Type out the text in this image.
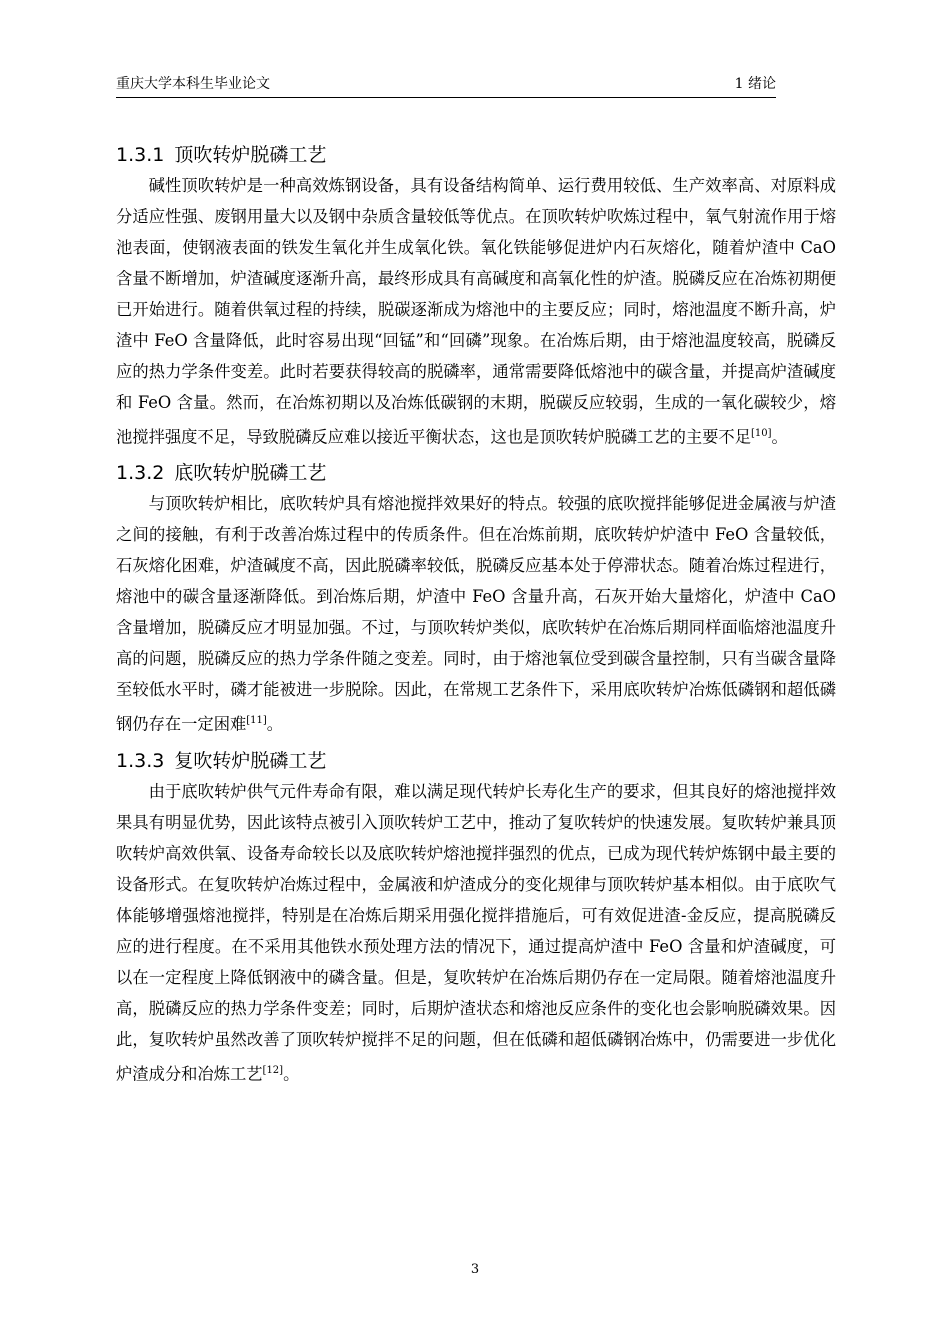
重庆大学本科生毕业论文	1 绪论
1.3.1 顶吹转炉脱磷工艺

碱性顶吹转炉是一种高效炼钢设备，具有设备结构简单、运行费用较低、生产效率高、对原料成分适应性强、废钢用量大以及钢中杂质含量较低等优点。在顶吹转炉吹炼过程中，氧气射流作用于熔池表面，使钢液表面的铁发生氧化并生成氧化铁。氧化铁能够促进炉内石灰熔化，随着炉渣中 CaO 含量不断增加，炉渣碱度逐渐升高，最终形成具有高碱度和高氧化性的炉渣。脱磷反应在冶炼初期便已开始进行。随着供氧过程的持续，脱碳逐渐成为熔池中的主要反应；同时，熔池温度不断升高，炉渣中 FeO 含量降低，此时容易出现“回锰”和“回磷”现象。在冶炼后期，由于熔池温度较高，脱磷反应的热力学条件变差。此时若要获得较高的脱磷率，通常需要降低熔池中的碳含量，并提高炉渣碱度和 FeO 含量。然而，在冶炼初期以及冶炼低碳钢的末期，脱碳反应较弱，生成的一氧化碳较少，熔池搅拌强度不足，导致脱磷反应难以接近平衡状态，这也是顶吹转炉脱磷工艺的主要不足[10]。

1.3.2 底吹转炉脱磷工艺

与顶吹转炉相比，底吹转炉具有熔池搅拌效果好的特点。较强的底吹搅拌能够促进金属液与炉渣之间的接触，有利于改善冶炼过程中的传质条件。但在冶炼前期，底吹转炉炉渣中 FeO 含量较低，石灰熔化困难，炉渣碱度不高，因此脱磷率较低，脱磷反应基本处于停滞状态。随着冶炼过程进行，熔池中的碳含量逐渐降低。到冶炼后期，炉渣中 FeO 含量升高，石灰开始大量熔化，炉渣中 CaO 含量增加，脱磷反应才明显加强。不过，与顶吹转炉类似，底吹转炉在冶炼后期同样面临熔池温度升高的问题，脱磷反应的热力学条件随之变差。同时，由于熔池氧位受到碳含量控制，只有当碳含量降至较低水平时，磷才能被进一步脱除。因此，在常规工艺条件下，采用底吹转炉冶炼低磷钢和超低磷钢仍存在一定困难[11]。

1.3.3 复吹转炉脱磷工艺

由于底吹转炉供气元件寿命有限，难以满足现代转炉长寿化生产的要求，但其良好的熔池搅拌效果具有明显优势，因此该特点被引入顶吹转炉工艺中，推动了复吹转炉的快速发展。复吹转炉兼具顶吹转炉高效供氧、设备寿命较长以及底吹转炉熔池搅拌强烈的优点，已成为现代转炉炼钢中最主要的设备形式。在复吹转炉冶炼过程中，金属液和炉渣成分的变化规律与顶吹转炉基本相似。由于底吹气体能够增强熔池搅拌，特别是在冶炼后期采用强化搅拌措施后，可有效促进渣-金反应，提高脱磷反应的进行程度。在不采用其他铁水预处理方法的情况下，通过提高炉渣中 FeO 含量和炉渣碱度，可以在一定程度上降低钢液中的磷含量。但是，复吹转炉在冶炼后期仍存在一定局限。随着熔池温度升高，脱磷反应的热力学条件变差；同时，后期炉渣状态和熔池反应条件的变化也会影响脱磷效果。因此，复吹转炉虽然改善了顶吹转炉搅拌不足的问题，但在低磷和超低磷钢冶炼中，仍需要进一步优化炉渣成分和冶炼工艺[12]。

3
